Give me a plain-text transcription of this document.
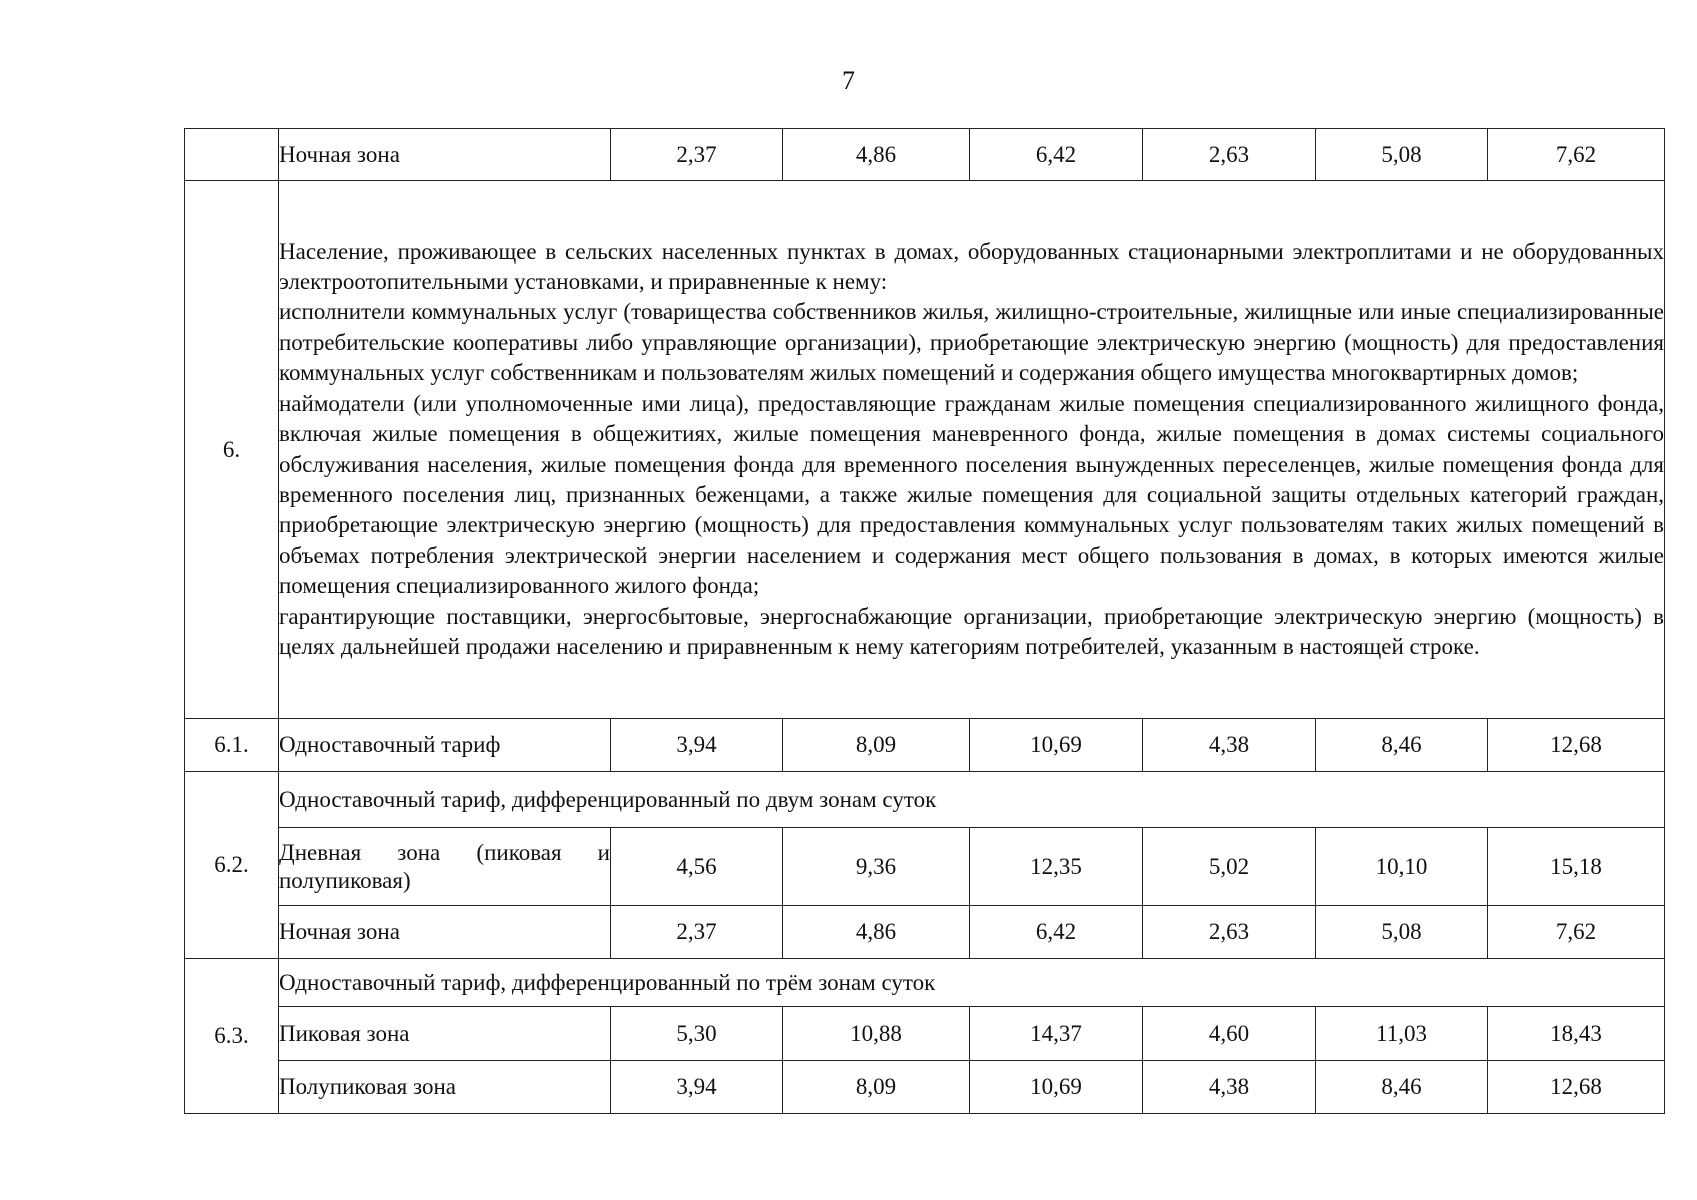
7
	Ночная зона	2,37	4,86	6,42	2,63	5,08	7,62
6.	Население, проживающее в сельских населенных пунктах в домах, оборудованных стационарными электроплитами и не оборудованных электроотопительными установками, и приравненные к нему:

исполнители коммунальных услуг (товарищества собственников жилья, жилищно-строительные, жилищные или иные специализированные потребительские кооперативы либо управляющие организации), приобретающие электрическую энергию (мощность) для предоставления коммунальных услуг собственникам и пользователям жилых помещений и содержания общего имущества многоквартирных домов;

наймодатели (или уполномоченные ими лица), предоставляющие гражданам жилые помещения специализированного жилищного фонда, включая жилые помещения в общежитиях, жилые помещения маневренного фонда, жилые помещения в домах системы социального обслуживания населения, жилые помещения фонда для временного поселения вынужденных переселенцев, жилые помещения фонда для временного поселения лиц, признанных беженцами, а также жилые помещения для социальной защиты отдельных категорий граждан, приобретающие электрическую энергию (мощность) для предоставления коммунальных услуг пользователям таких жилых помещений в объемах потребления электрической энергии населением и содержания мест общего пользования в домах, в которых имеются жилые помещения специализированного жилого фонда;

гарантирующие поставщики, энергосбытовые, энергоснабжающие организации, приобретающие электрическую энергию (мощность) в целях дальнейшей продажи населению и приравненным к нему категориям потребителей, указанным в настоящей строке.						

6.1.	Одноставочный тариф	3,94	8,09	10,69	4,38	8,46	12,68
6.2.	Одноставочный тариф, дифференцированный по двум зонам суток						

	Дневная зона (пиковая и полупиковая)	4,56	9,36	12,35	5,02	10,10	15,18
	Ночная зона	2,37	4,86	6,42	2,63	5,08	7,62
6.3.	Одноставочный тариф, дифференцированный по трём зонам суток						
	Пиковая зона	5,30	10,88	14,37	4,60	11,03	18,43
	Полупиковая зона	3,94	8,09	10,69	4,38	8,46	12,68
